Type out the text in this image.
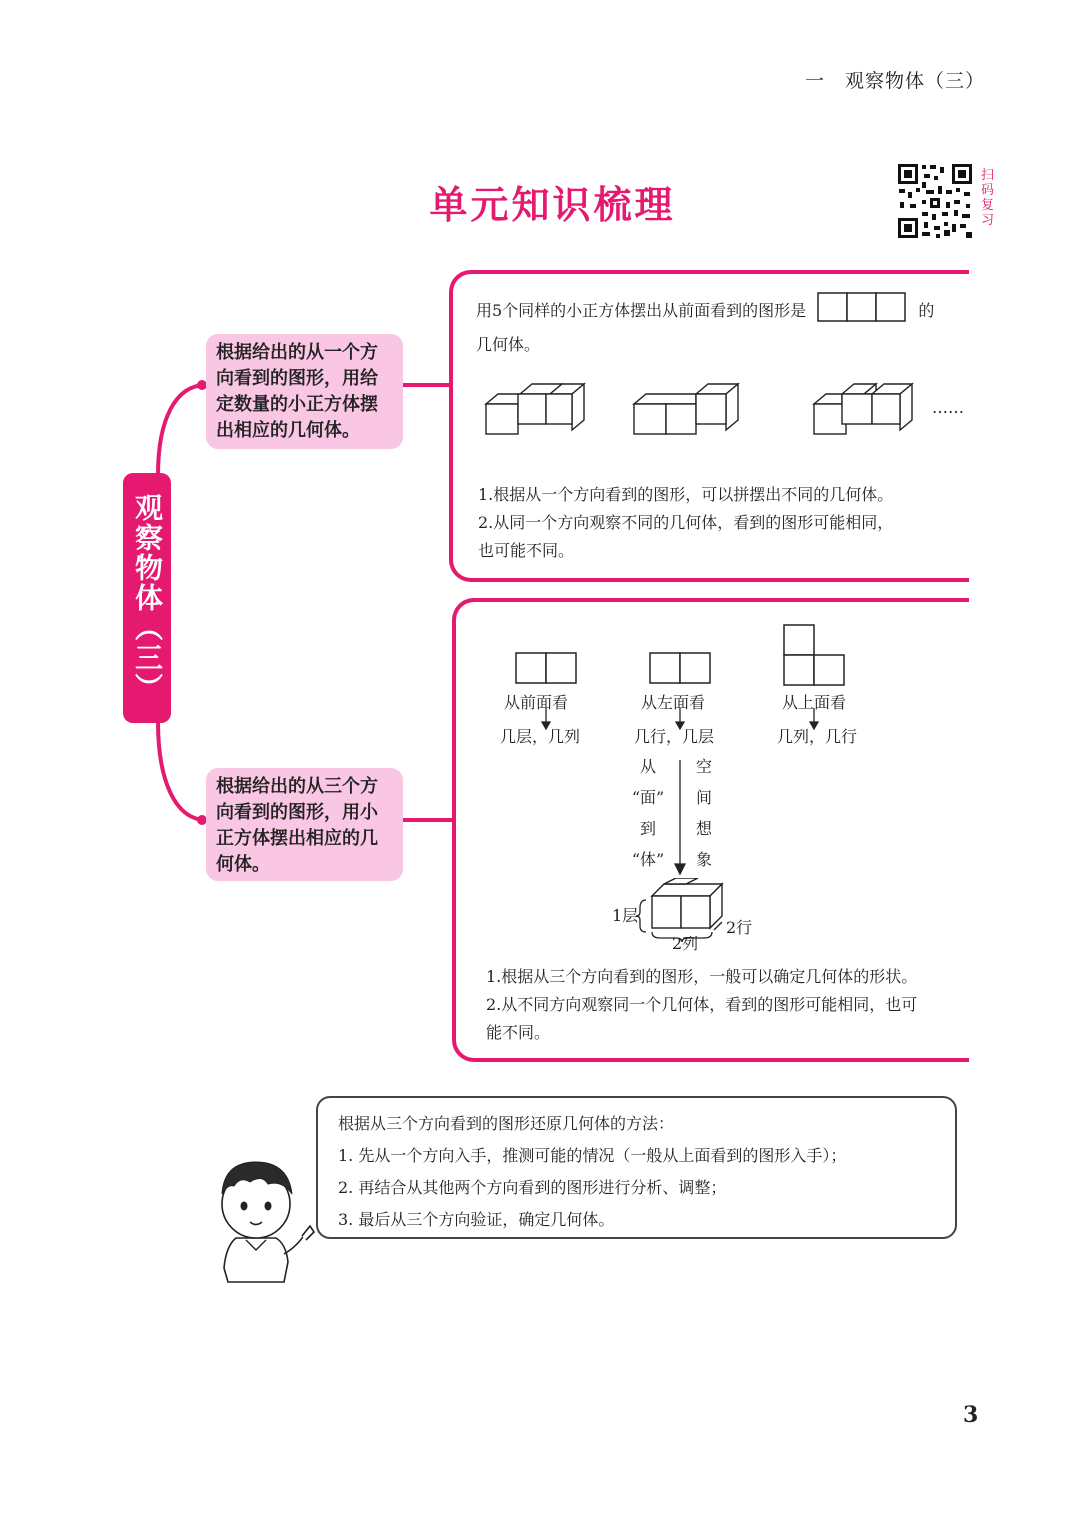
一　观察物体（三）
单元知识梳理
扫码复习
观察物体（三）
根据给出的从一个方向看到的图形，用给定数量的小正方体摆出相应的几何体。
根据给出的从三个方向看到的图形，用小正方体摆出相应的几何体。
用5个同样的小正方体摆出从前面看到的图形是	的
几何体。
……
1.根据从一个方向看到的图形，可以拼摆出不同的几何体。
2.从同一个方向观察不同的几何体，看到的图形可能相同，
也可能不同。
从前面看	从左面看	从上面看
几层，几列	几行，几层	几列，几行
从
“面”
到
“体”
空
间
想
象
1层
2行
2列
1.根据从三个方向看到的图形，一般可以确定几何体的形状。
2.从不同方向观察同一个几何体，看到的图形可能相同，也可
能不同。
根据从三个方向看到的图形还原几何体的方法：
1. 先从一个方向入手，推测可能的情况（一般从上面看到的图形入手）；
2. 再结合从其他两个方向看到的图形进行分析、调整；
3. 最后从三个方向验证，确定几何体。
3
